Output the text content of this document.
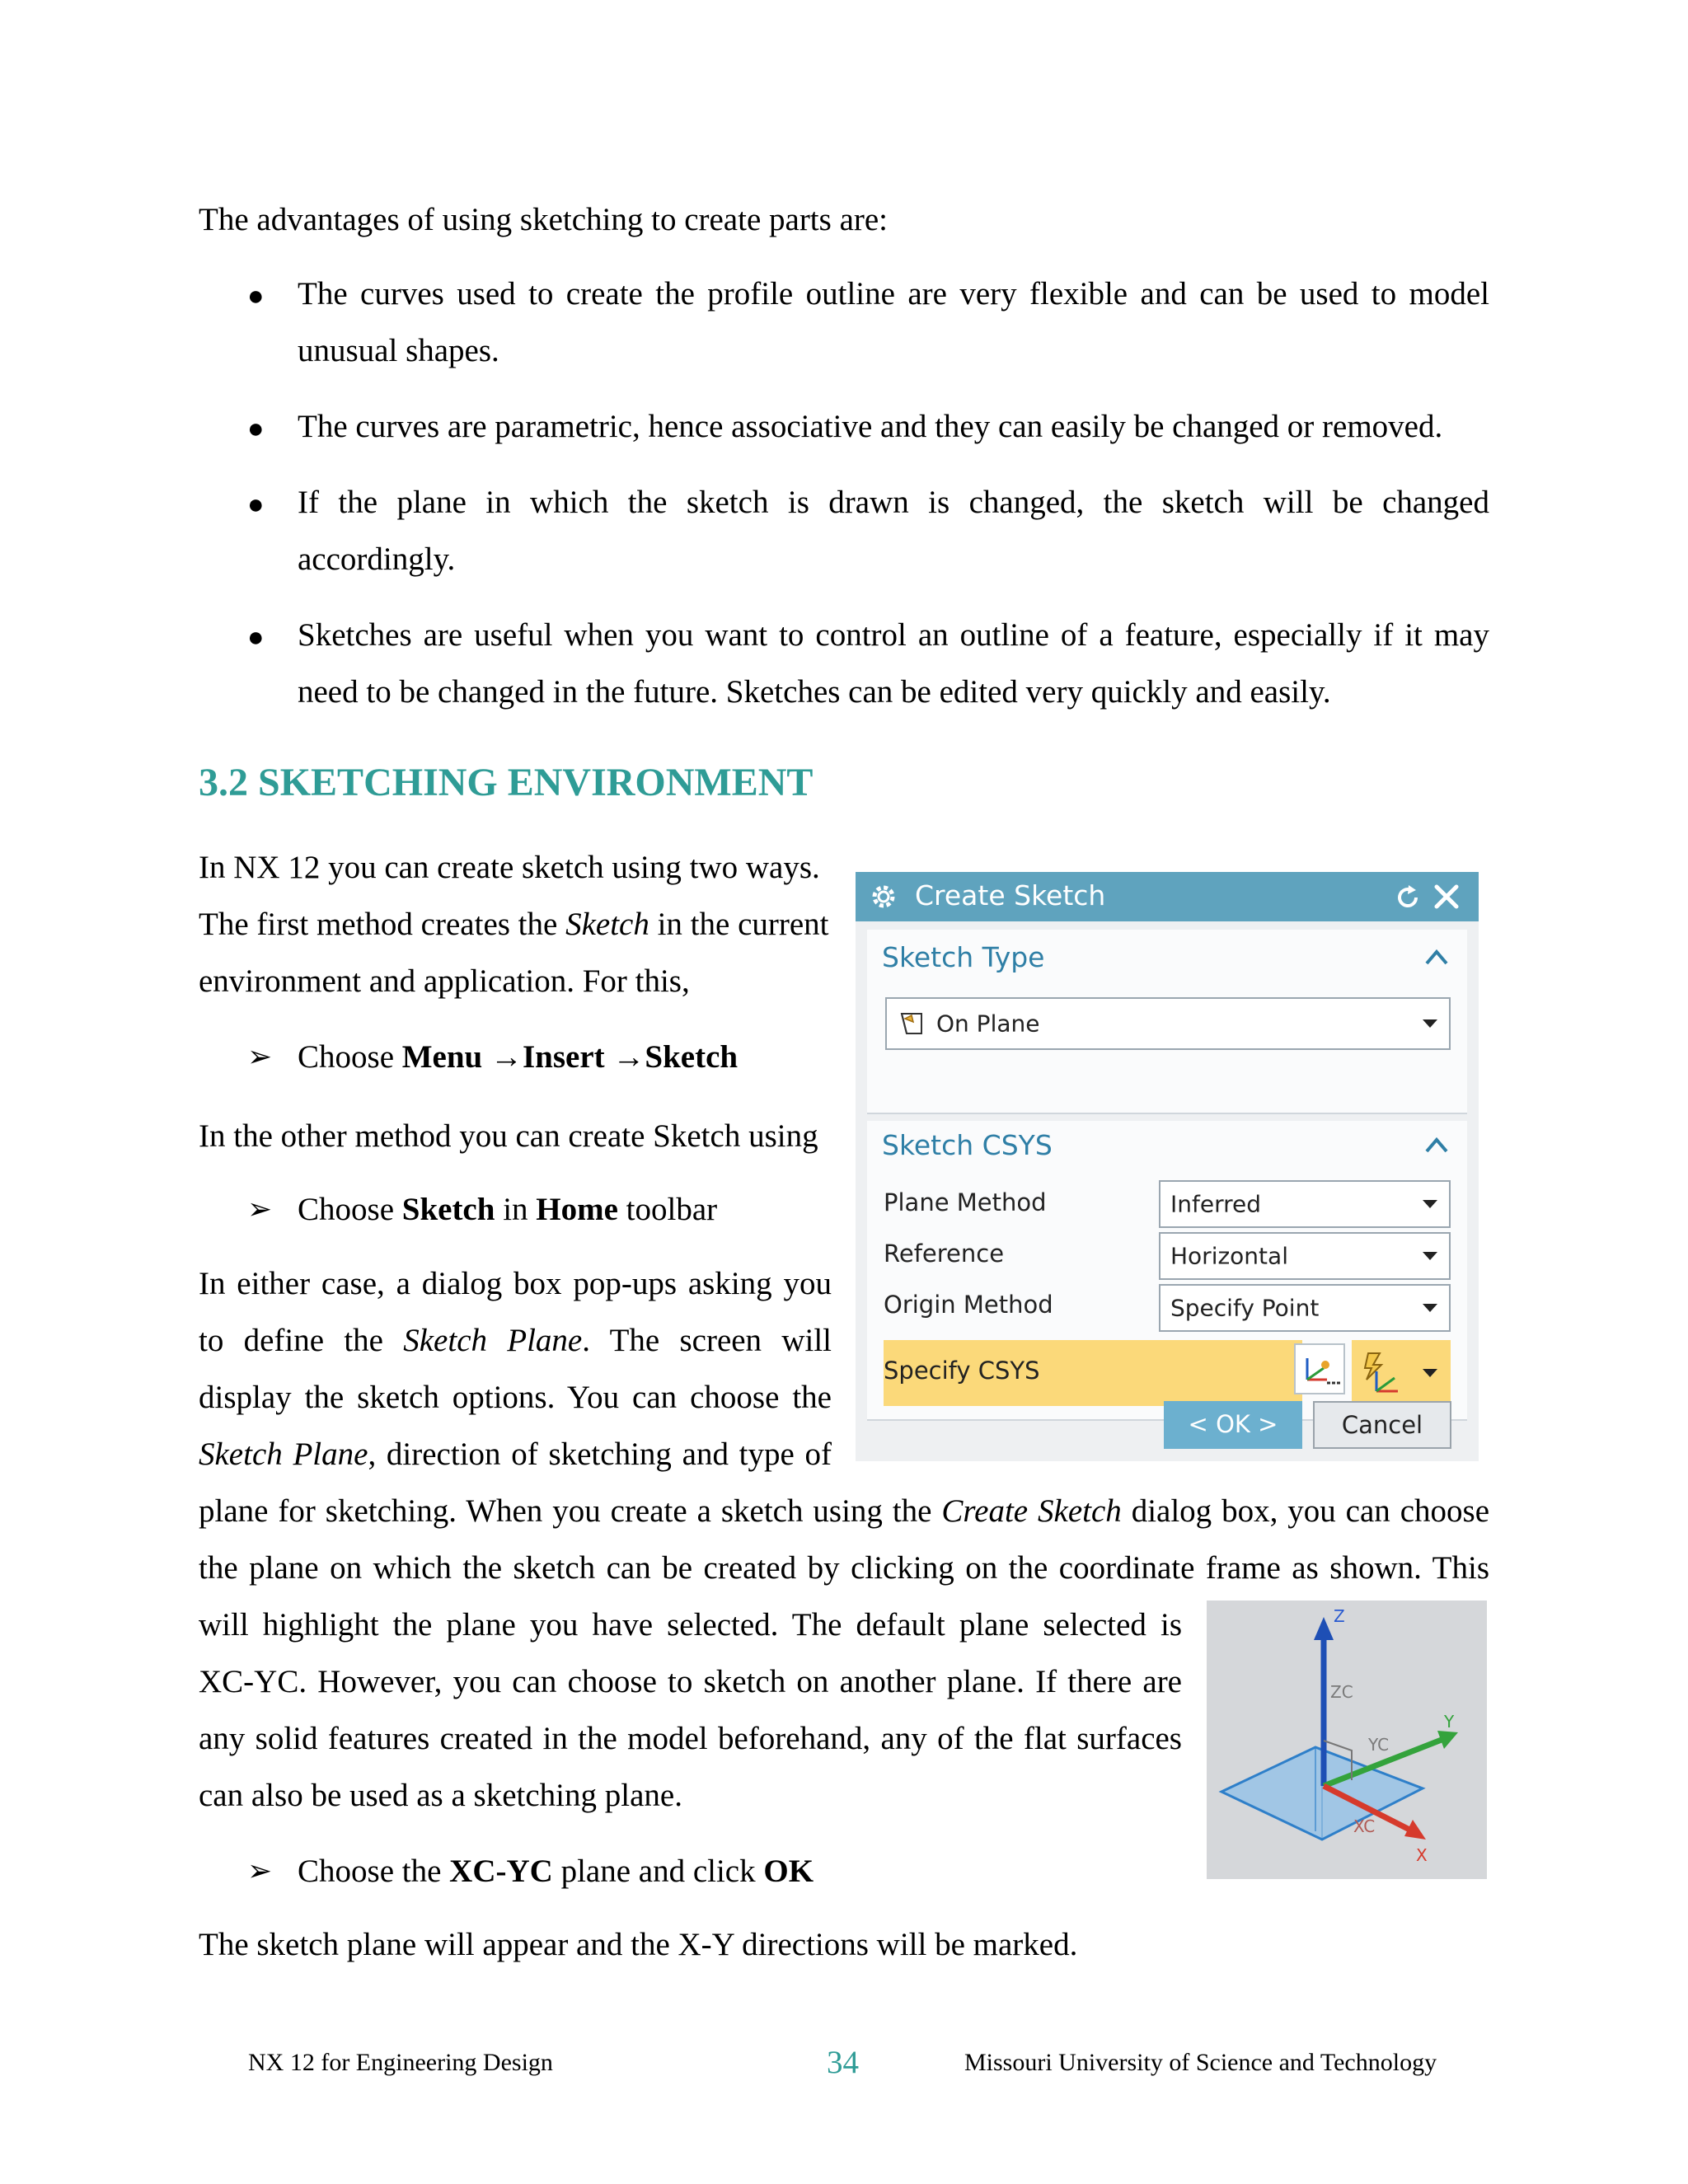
The advantages of using sketching to create parts are:
● The curves used to create the profile outline are very flexible and can be used to model
unusual shapes.
● The curves are parametric, hence associative and they can easily be changed or removed.
● If the plane in which the sketch is drawn is changed, the sketch will be changed
accordingly.
● Sketches are useful when you want to control an outline of a feature, especially if it may
need to be changed in the future. Sketches can be edited very quickly and easily.
3.2 SKETCHING ENVIRONMENT
In NX 12 you can create sketch using two ways.
The first method creates the Sketch in the current
environment and application. For this,
➢ Choose Menu →Insert →Sketch
In the other method you can create Sketch using
➢ Choose Sketch in Home toolbar
In either case, a dialog box pop-ups asking you
to define the Sketch Plane. The screen will
display the sketch options. You can choose the
Sketch Plane, direction of sketching and type of
plane for sketching. When you create a sketch using the Create Sketch dialog box, you can choose
the plane on which the sketch can be created by clicking on the coordinate frame as shown. This
will highlight the plane you have selected. The default plane selected is
XC-YC. However, you can choose to sketch on another plane. If there are
any solid features created in the model beforehand, any of the flat surfaces
can also be used as a sketching plane.
➢ Choose the XC-YC plane and click OK
The sketch plane will appear and the X-Y directions will be marked.
Create Sketch
Sketch Type
On Plane
Sketch CSYS
Plane Method	Inferred
Reference	Horizontal
Origin Method	Specify Point
Specify CSYS
< OK >	Cancel
Z
ZC
YC
Y
XC
X
NX 12 for Engineering Design	34	Missouri University of Science and Technology
